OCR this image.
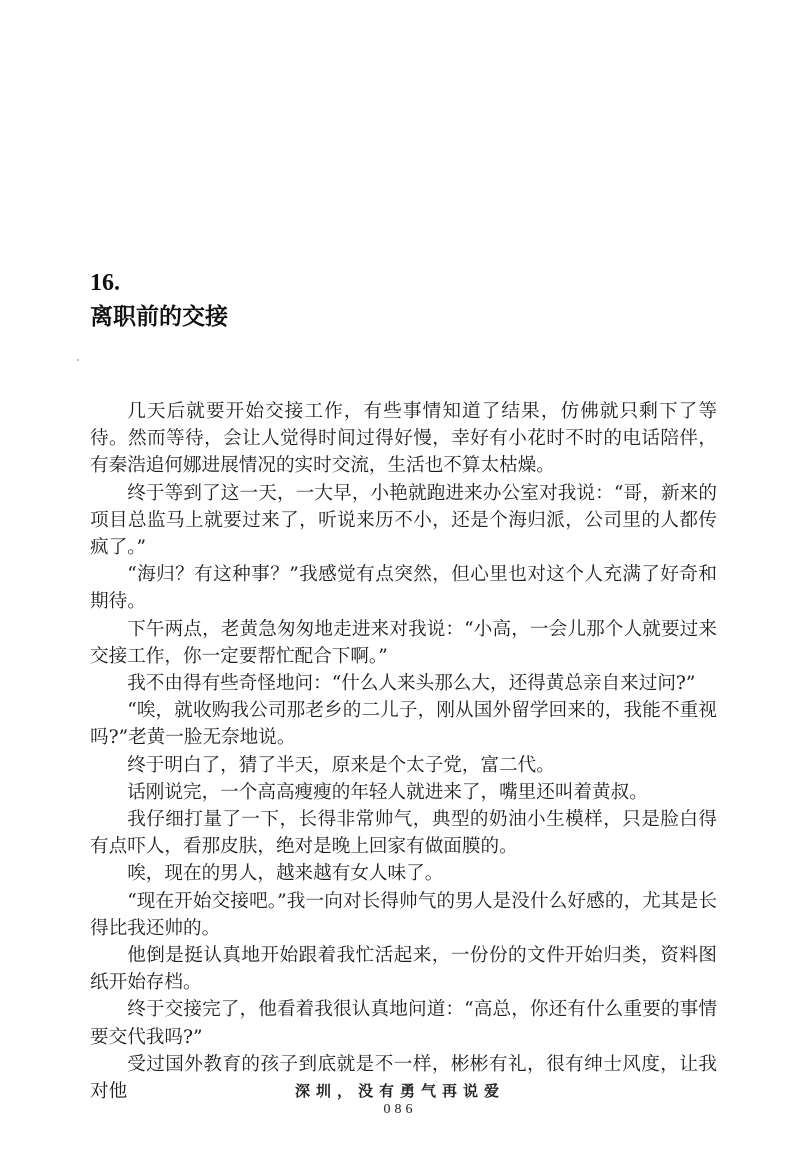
16.
离职前的交接

几天后就要开始交接工作，有些事情知道了结果，仿佛就只剩下了等待。然而等待，会让人觉得时间过得好慢，幸好有小花时不时的电话陪伴，有秦浩追何娜进展情况的实时交流，生活也不算太枯燥。

终于等到了这一天，一大早，小艳就跑进来办公室对我说：“哥，新来的项目总监马上就要过来了，听说来历不小，还是个海归派，公司里的人都传疯了。”

“海归？有这种事？”我感觉有点突然，但心里也对这个人充满了好奇和期待。

下午两点，老黄急匆匆地走进来对我说：“小高，一会儿那个人就要过来交接工作，你一定要帮忙配合下啊。”

我不由得有些奇怪地问：“什么人来头那么大，还得黄总亲自来过问?”

“唉，就收购我公司那老乡的二儿子，刚从国外留学回来的，我能不重视吗?”老黄一脸无奈地说。

终于明白了，猜了半天，原来是个太子党，富二代。

话刚说完，一个高高瘦瘦的年轻人就进来了，嘴里还叫着黄叔。

我仔细打量了一下，长得非常帅气，典型的奶油小生模样，只是脸白得有点吓人，看那皮肤，绝对是晚上回家有做面膜的。

唉，现在的男人，越来越有女人味了。

“现在开始交接吧。”我一向对长得帅气的男人是没什么好感的，尤其是长得比我还帅的。

他倒是挺认真地开始跟着我忙活起来，一份份的文件开始归类，资料图纸开始存档。

终于交接完了，他看着我很认真地问道：“高总，你还有什么重要的事情要交代我吗?”

受过国外教育的孩子到底就是不一样，彬彬有礼，很有绅士风度，让我对他	深圳，没有勇气再说爱
086
